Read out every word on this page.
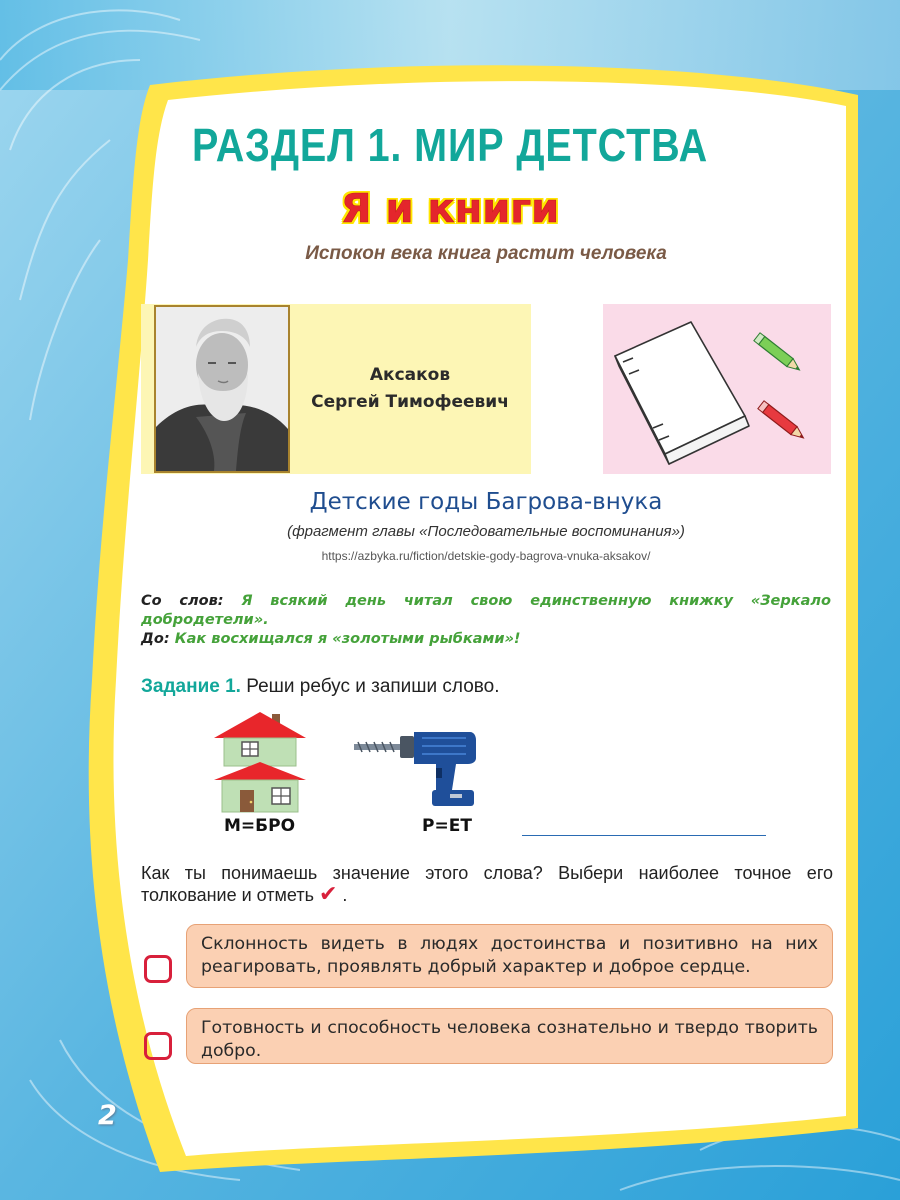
РАЗДЕЛ 1. МИР ДЕТСТВА
Я и книги
Испокон века книга растит человека
Аксаков
Сергей Тимофеевич
Детские годы Багрова-внука
(фрагмент главы «Последовательные воспоминания»)
https://azbyka.ru/fiction/detskie-gody-bagrova-vnuka-aksakov/
Со слов: Я всякий день читал свою единственную книжку «Зеркало добродетели».
До: Как восхищался я «золотыми рыбками»!
Задание 1. Реши ребус и запиши слово.
М=БРО	Р=ЕТ
Как ты понимаешь значение этого слова? Выбери наиболее точное его толкование и отметь ✔ .
Склонность видеть в людях достоинства и позитивно на них реагировать, проявлять добрый характер и доброе сердце.
Готовность и способность человека сознательно и твердо творить добро.
2
